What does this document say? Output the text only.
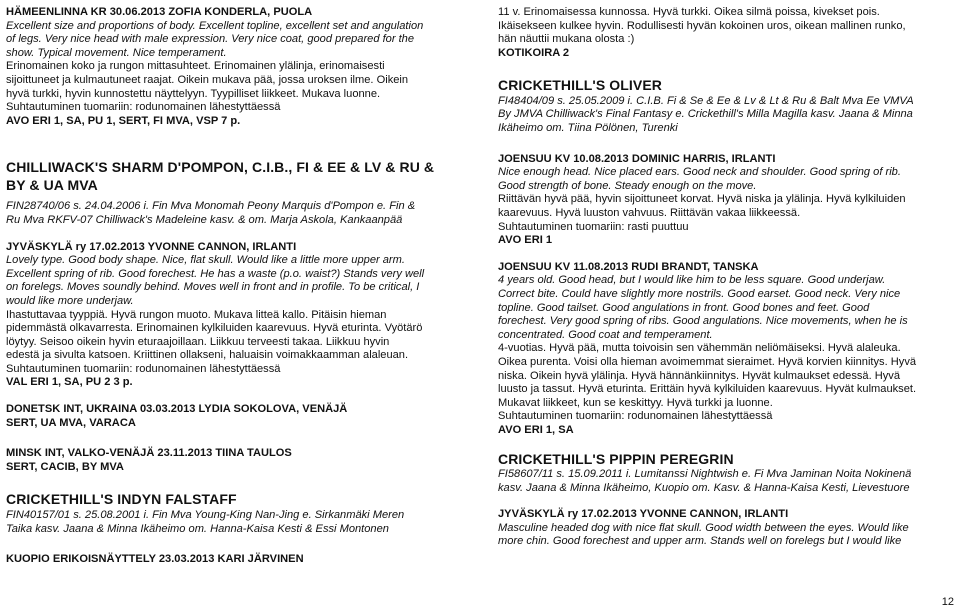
HÄMEENLINNA KR 30.06.2013 ZOFIA KONDERLA, PUOLA
Excellent size and proportions of body. Excellent topline, excellent set and angulation
of legs. Very nice head with male expression. Very nice coat, good prepared for the
show. Typical movement. Nice temperament.
Erinomainen koko ja rungon mittasuhteet. Erinomainen ylälinja, erinomaisesti
sijoittuneet ja kulmautuneet raajat. Oikein mukava pää, jossa uroksen ilme. Oikein
hyvä turkki, hyvin kunnostettu näyttelyyn. Tyypilliset liikkeet. Mukava luonne.
Suhtautuminen tuomariin: rodunomainen lähestyttäessä
AVO ERI 1, SA, PU 1, SERT, FI MVA, VSP 7 p.
CHILLIWACK'S SHARM D'POMPON, C.I.B., FI & EE & LV & RU &
BY & UA MVA
FIN28740/06 s. 24.04.2006 i. Fin Mva Monomah Peony Marquis d'Pompon e. Fin &
Ru Mva RKFV-07 Chilliwack's Madeleine kasv. & om. Marja Askola, Kankaanpää
JYVÄSKYLÄ ry 17.02.2013 YVONNE CANNON, IRLANTI
Lovely type. Good body shape. Nice, flat skull. Would like a little more upper arm.
Excellent spring of rib. Good forechest. He has a waste (p.o. waist?) Stands very well
on forelegs. Moves soundly behind. Moves well in front and in profile. To be critical, I
would like more underjaw.
Ihastuttavaa tyyppiä. Hyvä rungon muoto. Mukava litteä kallo. Pitäisin hieman
pidemmästä olkavarresta. Erinomainen kylkiluiden kaarevuus. Hyvä eturinta. Vyötärö
löytyy. Seisoo oikein hyvin eturaajoillaan. Liikkuu terveesti takaa. Liikkuu hyvin
edestä ja sivulta katsoen. Kriittinen ollakseni, haluaisin voimakkaamman alaleuan.
Suhtautuminen tuomariin: rodunomainen lähestyttäessä
VAL ERI 1, SA, PU 2 3 p.
DONETSK INT, UKRAINA 03.03.2013 LYDIA SOKOLOVA, VENÄJÄ
SERT, UA MVA, VARACA
MINSK INT, VALKO-VENÄJÄ 23.11.2013 TIINA TAULOS
SERT, CACIB, BY MVA
CRICKETHILL'S INDYN FALSTAFF
FIN40157/01 s. 25.08.2001 i. Fin Mva Young-King Nan-Jing e. Sirkanmäki Meren
Taika kasv. Jaana & Minna Ikäheimo om. Hanna-Kaisa Kesti & Essi Montonen
KUOPIO ERIKOISNÄYTTELY 23.03.2013 KARI JÄRVINEN
11 v. Erinomaisessa kunnossa. Hyvä turkki. Oikea silmä poissa, kivekset pois.
Ikäisekseen kulkee hyvin. Rodullisesti hyvän kokoinen uros, oikean mallinen runko,
hän näuttii mukana olosta :)
KOTIKOIRA 2
CRICKETHILL'S OLIVER
FI48404/09 s. 25.05.2009 i. C.I.B. Fi & Se & Ee & Lv & Lt & Ru & Balt Mva Ee VMVA
By JMVA Chilliwack's Final Fantasy e. Crickethill's Milla Magilla kasv. Jaana & Minna
Ikäheimo om. Tiina Pölönen, Turenki
JOENSUU KV 10.08.2013 DOMINIC HARRIS, IRLANTI
Nice enough head. Nice placed ears. Good neck and shoulder. Good spring of rib.
Good strength of bone. Steady enough on the move.
Riittävän hyvä pää, hyvin sijoittuneet korvat. Hyvä niska ja ylälinja. Hyvä kylkiluiden
kaarevuus. Hyvä luuston vahvuus. Riittävän vakaa liikkeessä.
Suhtautuminen tuomariin: rasti puuttuu
AVO ERI 1
JOENSUU KV 11.08.2013 RUDI BRANDT, TANSKA
4 years old. Good head, but I would like him to be less square. Good underjaw.
Correct bite. Could have slightly more nostrils. Good earset. Good neck. Very nice
topline. Good tailset. Good angulations in front. Good bones and feet. Good
forechest. Very good spring of ribs. Good angulations. Nice movements, when he is
concentrated. Good coat and temperament.
4-vuotias. Hyvä pää, mutta toivoisin sen vähemmän neliömäiseksi. Hyvä alaleuka.
Oikea purenta. Voisi olla hieman avoimemmat sieraimet. Hyvä korvien kiinnitys. Hyvä
niska. Oikein hyvä ylälinja. Hyvä hännänkiinnitys. Hyvät kulmaukset edessä. Hyvä
luusto ja tassut. Hyvä eturinta. Erittäin hyvä kylkiluiden kaarevuus. Hyvät kulmaukset.
Mukavat liikkeet, kun se keskittyy. Hyvä turkki ja luonne.
Suhtautuminen tuomariin: rodunomainen lähestyttäessä
AVO ERI 1, SA
CRICKETHILL'S PIPPIN PEREGRIN
FI58607/11 s. 15.09.2011 i. Lumitanssi Nightwish e. Fi Mva Jaminan Noita Nokinenä
kasv. Jaana & Minna Ikäheimo, Kuopio om. Kasv. & Hanna-Kaisa Kesti, Lievestuore
JYVÄSKYLÄ ry 17.02.2013 YVONNE CANNON, IRLANTI
Masculine headed dog with nice flat skull. Good width between the eyes. Would like
more chin. Good forechest and upper arm. Stands well on forelegs but I would like
12
